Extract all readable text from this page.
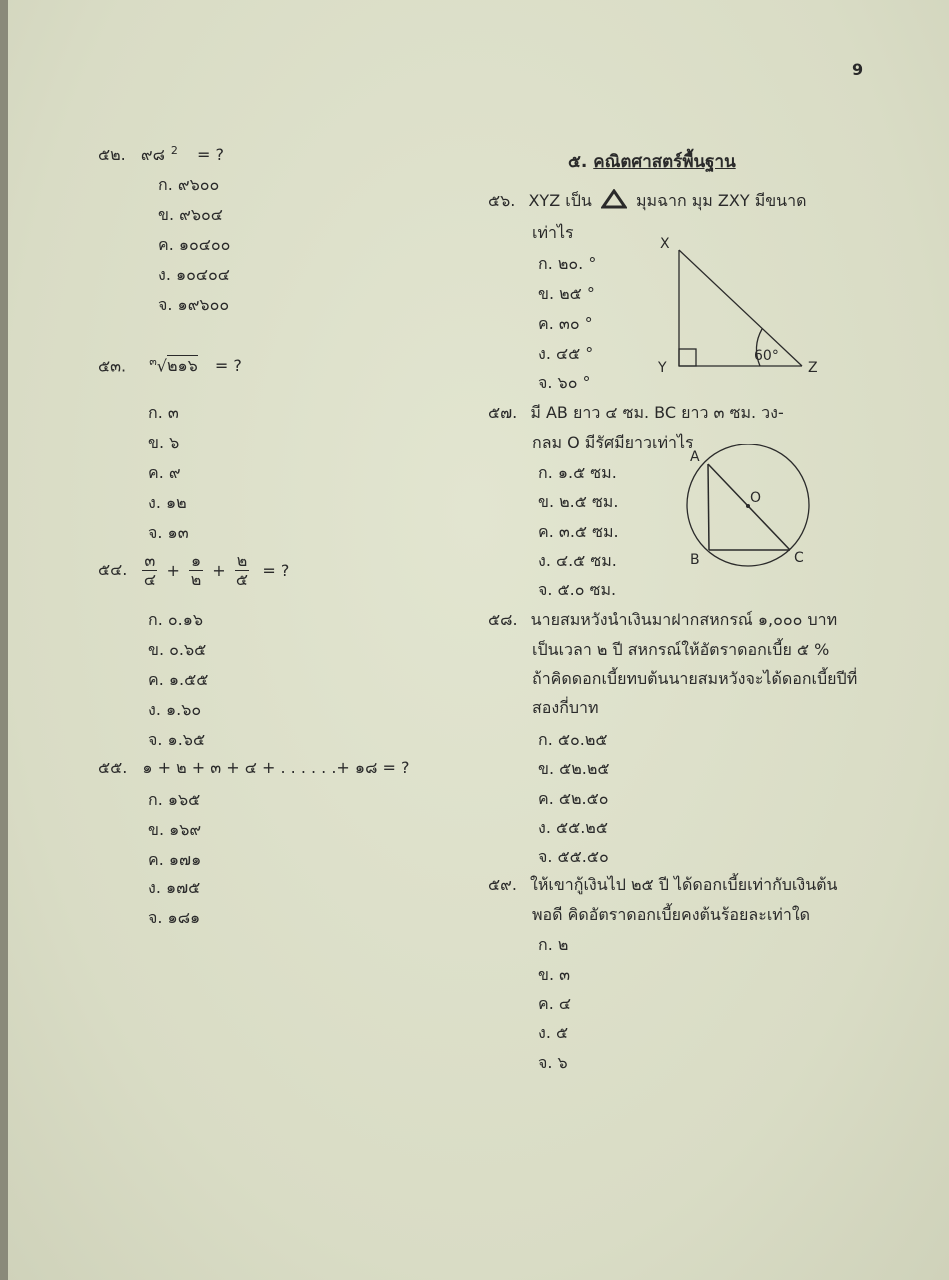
9
๕๒. ๙๘ $^2$ = ?
ก. ๙๖๐๐
ข. ๙๖๐๔
ค. ๑๐๔๐๐
ง. ๑๐๔๐๔
จ. ๑๙๖๐๐
๕๓. $^๓$√๒๑๖ = ?
ก. ๓
ข. ๖
ค. ๙
ง. ๑๒
จ. ๑๓
๕๔. $\frac{๓}{๔} + \frac{๑}{๒} + \frac{๒}{๕}$ = ?
ก. ๐.๑๖
ข. ๐.๖๕
ค. ๑.๕๕
ง. ๑.๖๐
จ. ๑.๖๕
๕๕. ๑ + ๒ + ๓ + ๔ + . . . . . .+ ๑๘ = ?
ก. ๑๖๕
ข. ๑๖๙
ค. ๑๗๑
ง. ๑๗๕
จ. ๑๘๑
๕. คณิตศาสตร์พื้นฐาน
๕๖. XYZ เป็น	มุมฉาก มุม ZXY มีขนาด
เท่าไร
ก. ๒๐. °
ข. ๒๕ °
ค. ๓๐ °
ง. ๔๕ °
จ. ๖๐ °
X
Y	Z
60°
๕๗. มี AB ยาว ๔ ซม. BC ยาว ๓ ซม. วง-
กลม O มีรัศมียาวเท่าไร
ก. ๑.๕ ซม.
ข. ๒.๕ ซม.
ค. ๓.๕ ซม.
ง. ๔.๕ ซม.
จ. ๕.๐ ซม.
A
B	C
O
๕๘. นายสมหวังนำเงินมาฝากสหกรณ์ ๑,๐๐๐ บาท
เป็นเวลา ๒ ปี สหกรณ์ให้อัตราดอกเบี้ย ๕ %
ถ้าคิดดอกเบี้ยทบต้นนายสมหวังจะได้ดอกเบี้ยปีที่
สองกี่บาท
ก. ๕๐.๒๕
ข. ๕๒.๒๕
ค. ๕๒.๕๐
ง. ๕๕.๒๕
จ. ๕๕.๕๐
๕๙. ให้เขากู้เงินไป ๒๕ ปี ได้ดอกเบี้ยเท่ากับเงินต้น
พอดี คิดอัตราดอกเบี้ยคงต้นร้อยละเท่าใด
ก. ๒
ข. ๓
ค. ๔
ง. ๕
จ. ๖
